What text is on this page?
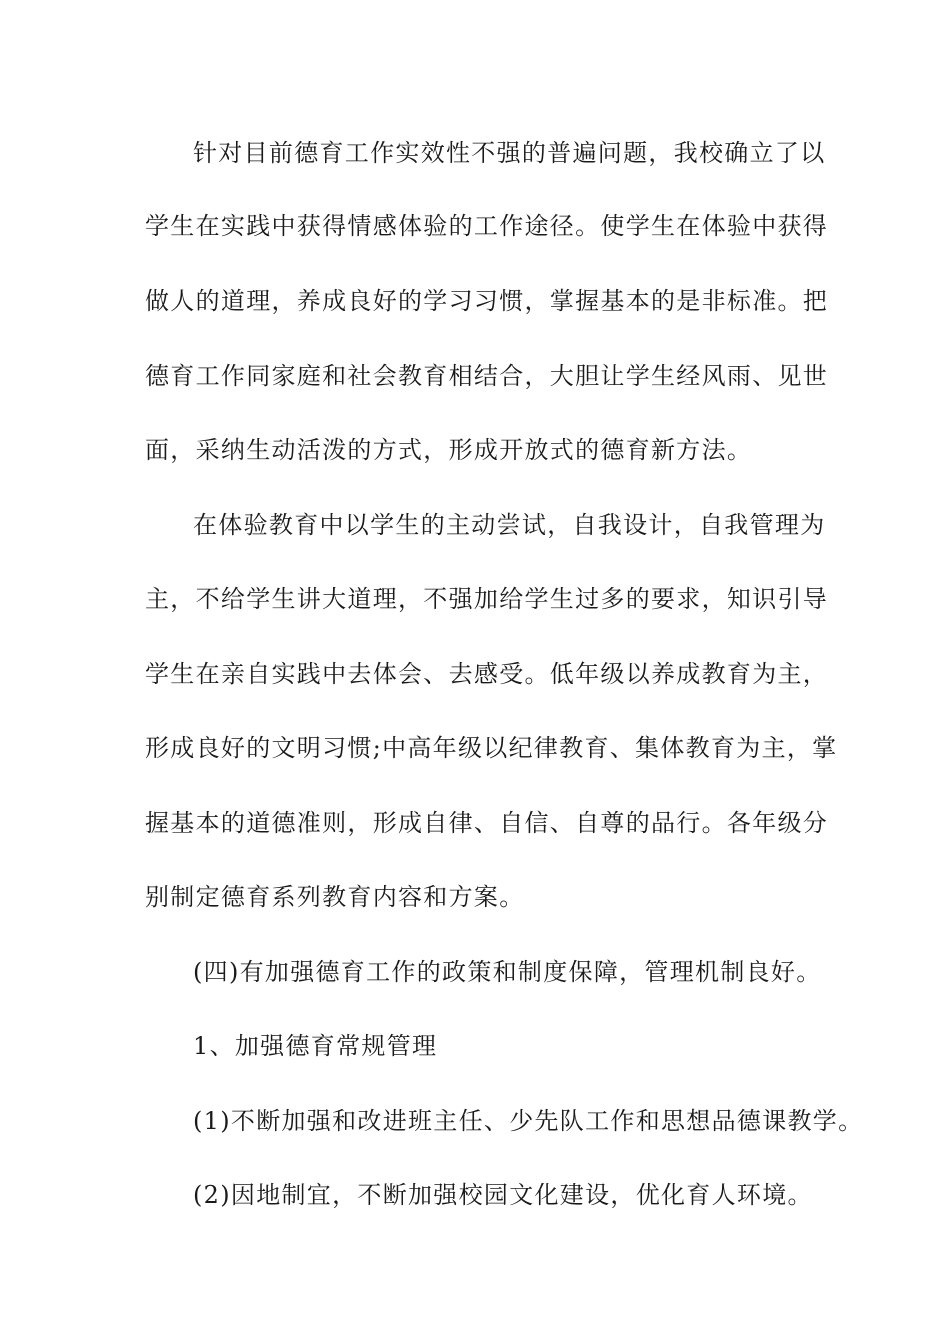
针对目前德育工作实效性不强的普遍问题，我校确立了以
学生在实践中获得情感体验的工作途径。使学生在体验中获得
做人的道理，养成良好的学习习惯，掌握基本的是非标准。把
德育工作同家庭和社会教育相结合，大胆让学生经风雨、见世
面，采纳生动活泼的方式，形成开放式的德育新方法。
在体验教育中以学生的主动尝试，自我设计，自我管理为
主，不给学生讲大道理，不强加给学生过多的要求，知识引导
学生在亲自实践中去体会、去感受。低年级以养成教育为主，
形成良好的文明习惯;中高年级以纪律教育、集体教育为主，掌
握基本的道德准则，形成自律、自信、自尊的品行。各年级分
别制定德育系列教育内容和方案。
(四)有加强德育工作的政策和制度保障，管理机制良好。
1、加强德育常规管理
(1)不断加强和改进班主任、少先队工作和思想品德课教学。
(2)因地制宜，不断加强校园文化建设，优化育人环境。
